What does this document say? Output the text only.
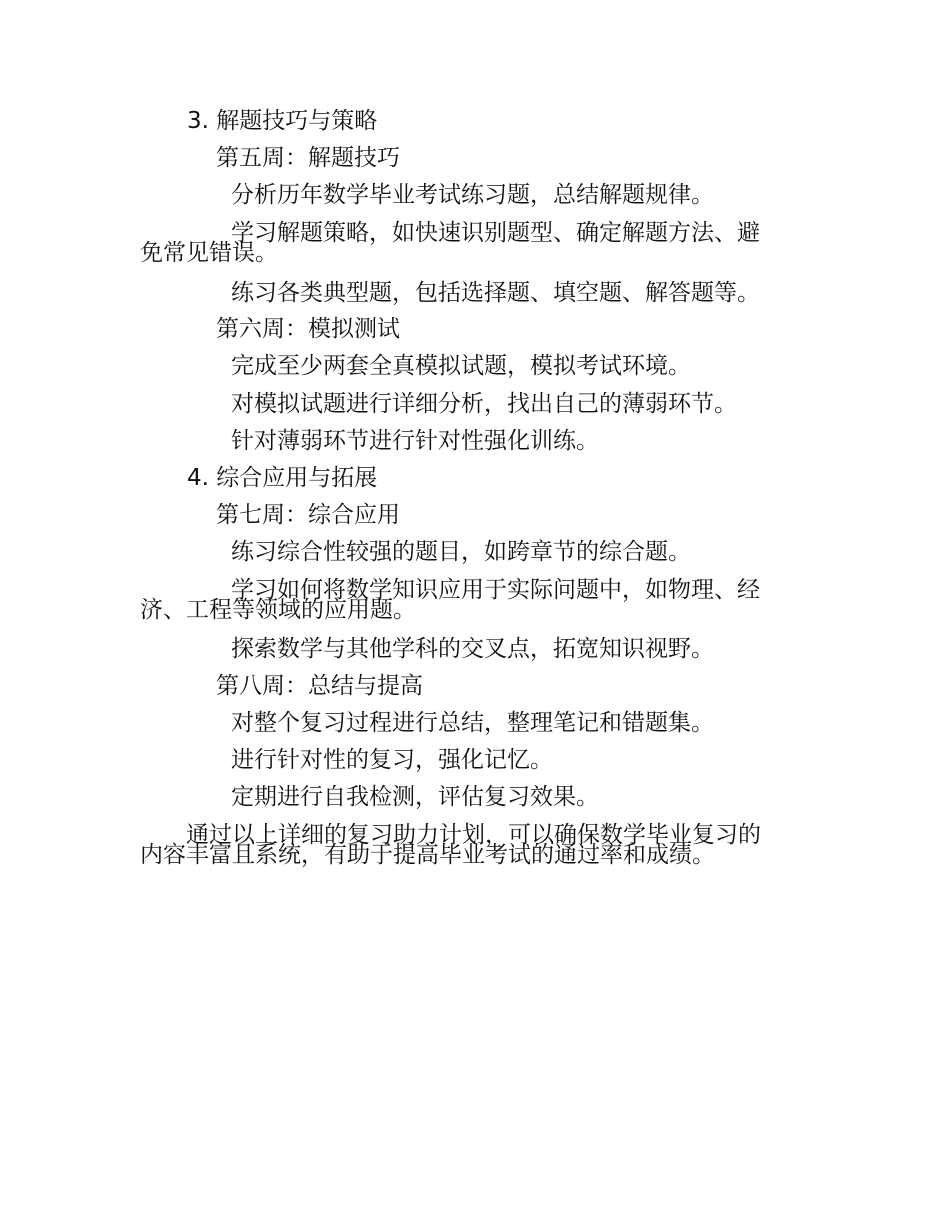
3. 解题技巧与策略
第五周：解题技巧
分析历年数学毕业考试练习题，总结解题规律。
学习解题策略，如快速识别题型、确定解题方法、避
免常见错误。
练习各类典型题，包括选择题、填空题、解答题等。
第六周：模拟测试
完成至少两套全真模拟试题，模拟考试环境。
对模拟试题进行详细分析，找出自己的薄弱环节。
针对薄弱环节进行针对性强化训练。
4. 综合应用与拓展
第七周：综合应用
练习综合性较强的题目，如跨章节的综合题。
学习如何将数学知识应用于实际问题中，如物理、经
济、工程等领域的应用题。
探索数学与其他学科的交叉点，拓宽知识视野。
第八周：总结与提高
对整个复习过程进行总结，整理笔记和错题集。
进行针对性的复习，强化记忆。
定期进行自我检测，评估复习效果。
通过以上详细的复习助力计划，可以确保数学毕业复习的
内容丰富且系统，有助于提高毕业考试的通过率和成绩。
